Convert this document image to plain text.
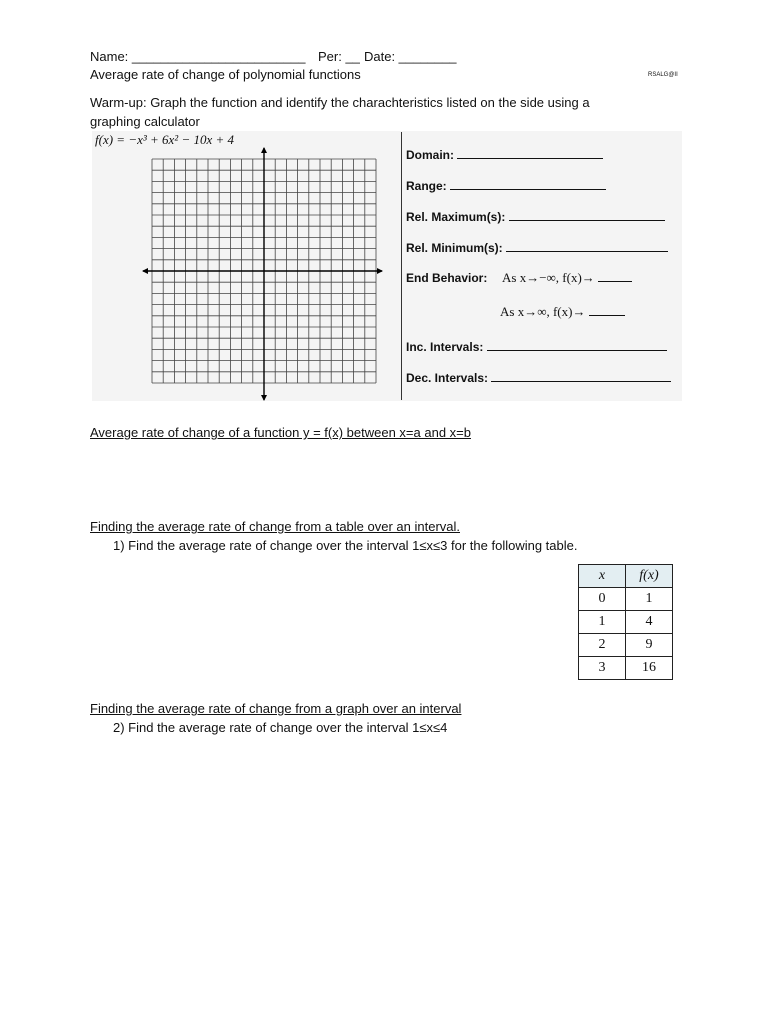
Name: ________________________ Per: __ Date: ________
Average rate of change of polynomial functions	RSALG@II
Warm-up: Graph the function and identify the charachteristics listed on the side using a
graphing calculator
f(x) = −x³ + 6x² − 10x + 4
Domain:
Range:
Rel. Maximum(s):
Rel. Minimum(s):
End Behavior: As x→−∞, f(x)→
As x→∞, f(x)→
Inc. Intervals:
Dec. Intervals:
Average rate of change of a function y = f(x) between x=a and x=b
Finding the average rate of change from a table over an interval.
1) Find the average rate of change over the interval 1≤x≤3 for the following table.
x	f(x)
0	1
1	4
2	9
3	16
Finding the average rate of change from a graph over an interval
2) Find the average rate of change over the interval 1≤x≤4
